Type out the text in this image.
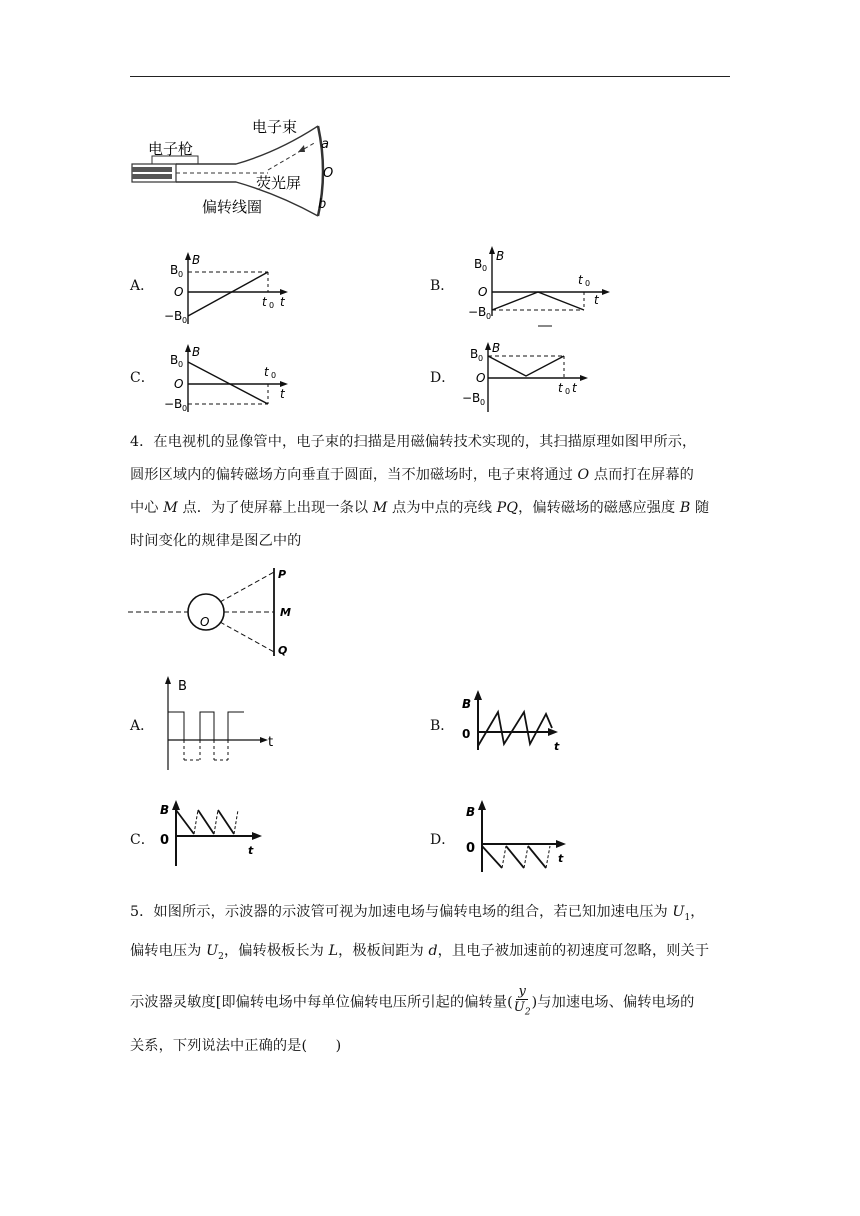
电子枪
电子束
荧光屏
偏转线圈
a
O
b
A．
B 0
B
O
−B 0
t 0 t
B．
B 0
B
O
−B 0
t 0
t
C．
B 0
B
O
−B 0
t 0
t
D．
B 0
B
O
−B 0
t 0 t

4．在电视机的显像管中，电子束的扫描是用磁偏转技术实现的，其扫描原理如图甲所示，

圆形区域内的偏转磁场方向垂直于圆面，当不加磁场时，电子束将通过 O 点而打在屏幕的

中心 M 点．为了使屏幕上出现一条以 M 点为中点的亮线 PQ，偏转磁场的磁感应强度 B 随

时间变化的规律是图乙中的

O
P
M
Q
A．
B
t
B．
B
0
t
C．
B
0
t
D．
B
0
t

5．如图所示，示波器的示波管可视为加速电场与偏转电场的组合，若已知加速电压为 $U_1$，

偏转电压为 $U_2$，偏转极板长为 L，极板间距为 d，且电子被加速前的初速度可忽略，则关于

示波器灵敏度[即偏转电场中每单位偏转电压所引起的偏转量( $\frac{y}{U_2}$ )与加速电场、偏转电场的

关系，下列说法中正确的是(　　)
